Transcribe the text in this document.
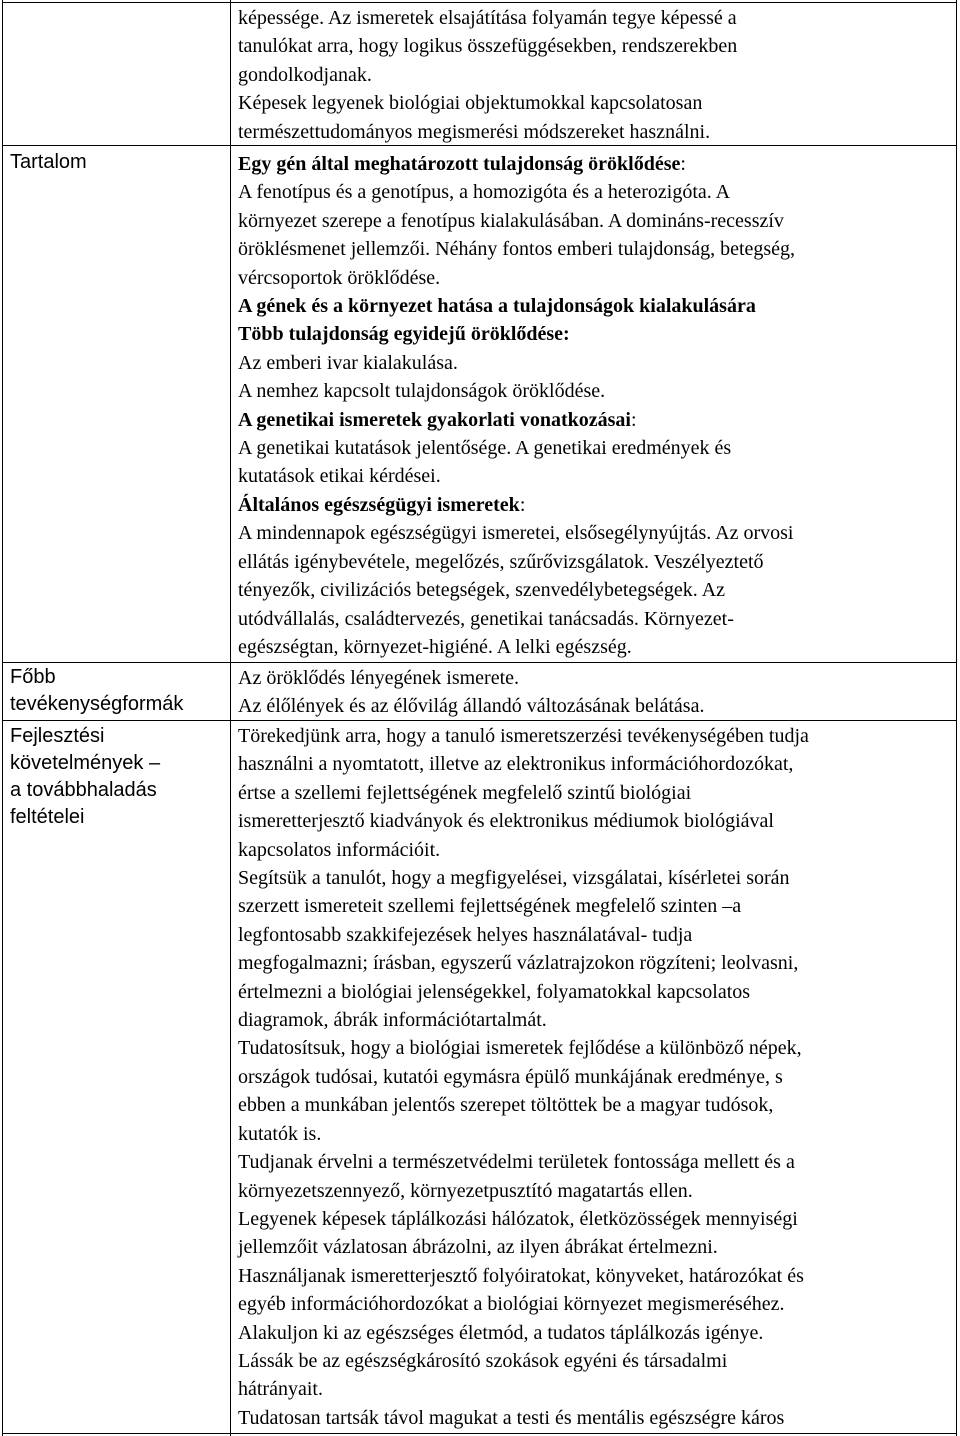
Tartalom
Főbb
tevékenységformák
Fejlesztési
követelmények –
a továbbhaladás
feltételei

képessége. Az ismeretek elsajátítása folyamán tegye képessé a

tanulókat arra, hogy logikus összefüggésekben, rendszerekben

gondolkodjanak.

Képesek legyenek biológiai objektumokkal kapcsolatosan

természettudományos megismerési módszereket használni.

Egy gén által meghatározott tulajdonság öröklődése:

A fenotípus és a genotípus, a homozigóta és a heterozigóta. A

környezet szerepe a fenotípus kialakulásában. A domináns-recesszív

öröklésmenet jellemzői. Néhány fontos emberi tulajdonság, betegség,

vércsoportok öröklődése.

A gének és a környezet hatása a tulajdonságok kialakulására

Több tulajdonság egyidejű öröklődése:

Az emberi ivar kialakulása.

A nemhez kapcsolt tulajdonságok öröklődése.

A genetikai ismeretek gyakorlati vonatkozásai:

A genetikai kutatások jelentősége. A genetikai eredmények és

kutatások etikai kérdései.

Általános egészségügyi ismeretek:

A mindennapok egészségügyi ismeretei, elsősegélynyújtás. Az orvosi

ellátás igénybevétele, megelőzés, szűrővizsgálatok. Veszélyeztető

tényezők, civilizációs betegségek, szenvedélybetegségek. Az

utódvállalás, családtervezés, genetikai tanácsadás. Környezet-

egészségtan, környezet-higiéné. A lelki egészség.

Az öröklődés lényegének ismerete.

Az élőlények és az élővilág állandó változásának belátása.

Törekedjünk arra, hogy a tanuló ismeretszerzési tevékenységében tudja

használni a nyomtatott, illetve az elektronikus információhordozókat,

értse a szellemi fejlettségének megfelelő szintű biológiai

ismeretterjesztő kiadványok és elektronikus médiumok biológiával

kapcsolatos információit.

Segítsük a tanulót, hogy a megfigyelései, vizsgálatai, kísérletei során

szerzett ismereteit szellemi fejlettségének megfelelő szinten –a

legfontosabb szakkifejezések helyes használatával- tudja

megfogalmazni; írásban, egyszerű vázlatrajzokon rögzíteni; leolvasni,

értelmezni a biológiai jelenségekkel, folyamatokkal kapcsolatos

diagramok, ábrák információtartalmát.

Tudatosítsuk, hogy a biológiai ismeretek fejlődése a különböző népek,

országok tudósai, kutatói egymásra épülő munkájának eredménye, s

ebben a munkában jelentős szerepet töltöttek be a magyar tudósok,

kutatók is.

Tudjanak érvelni a természetvédelmi területek fontossága mellett és a

környezetszennyező, környezetpusztító magatartás ellen.

Legyenek képesek táplálkozási hálózatok, életközösségek mennyiségi

jellemzőit vázlatosan ábrázolni, az ilyen ábrákat értelmezni.

Használjanak ismeretterjesztő folyóiratokat, könyveket, határozókat és

egyéb információhordozókat a biológiai környezet megismeréséhez.

Alakuljon ki az egészséges életmód, a tudatos táplálkozás igénye.

Lássák be az egészségkárosító szokások egyéni és társadalmi

hátrányait.

Tudatosan tartsák távol magukat a testi és mentális egészségre káros
